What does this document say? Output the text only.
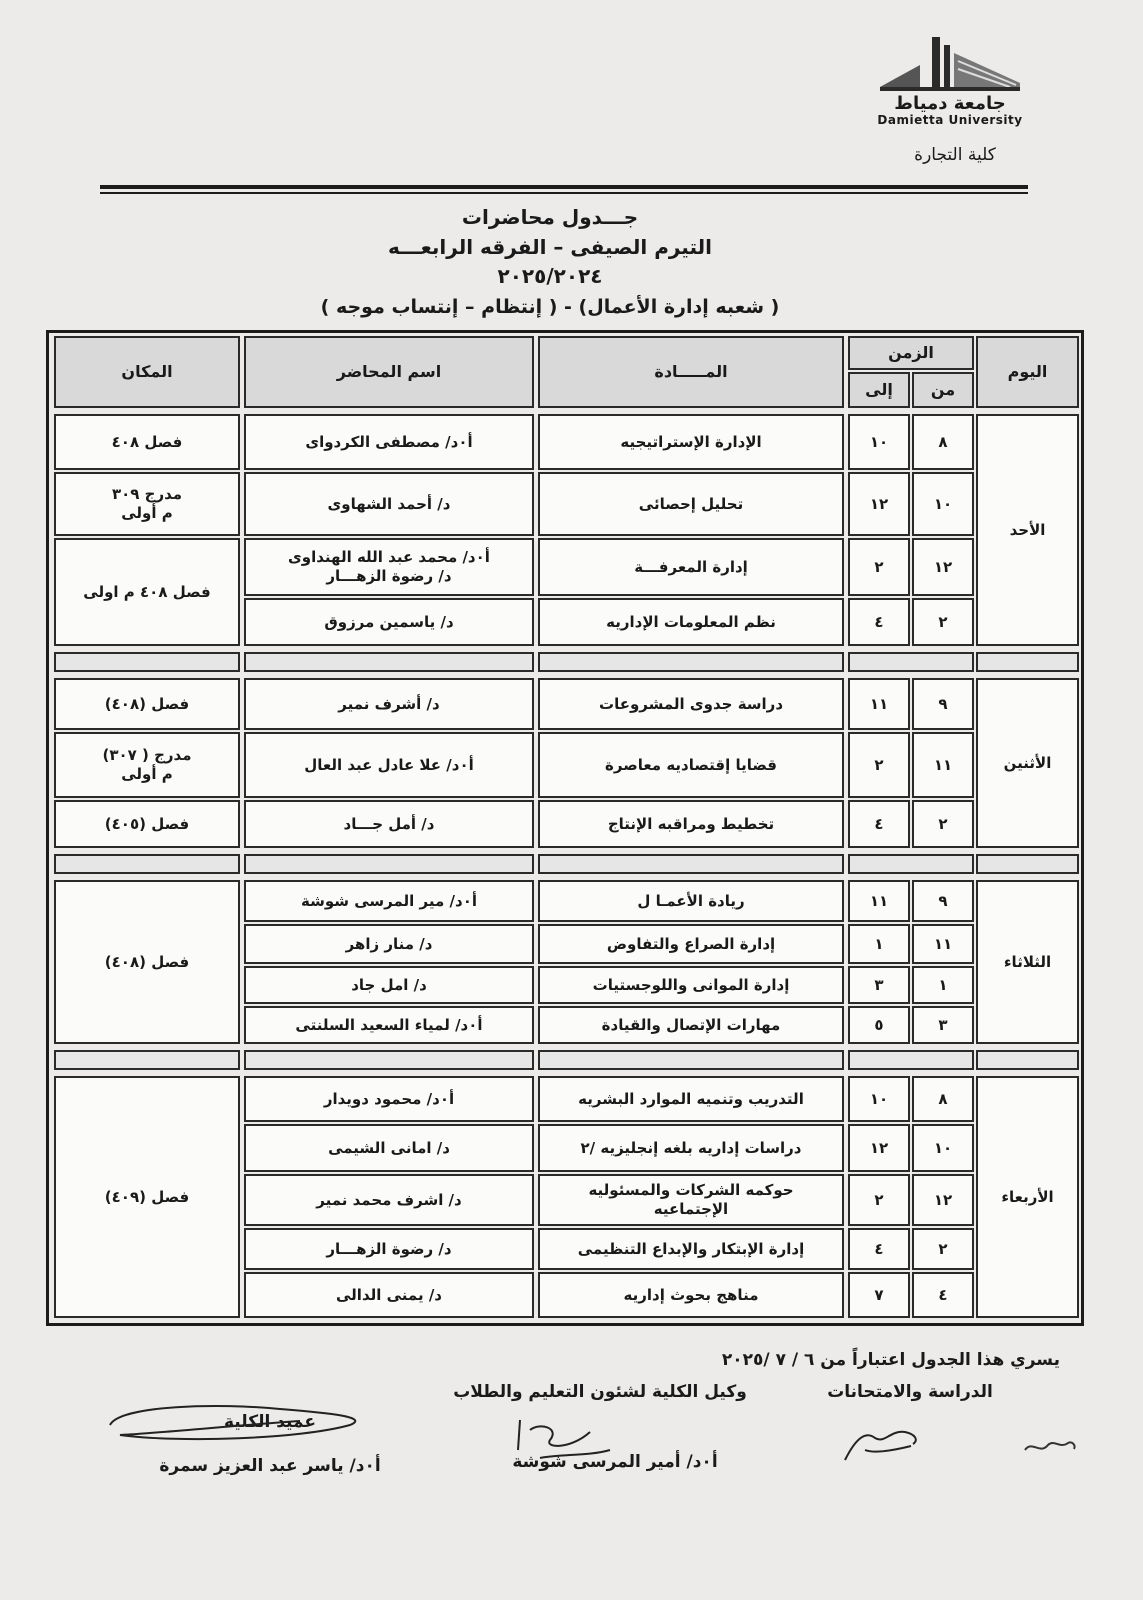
جامعة دمياط
Damietta University
كلية التجارة
جـــدول محاضرات
التيرم الصيفى – الفرقه الرابعـــه
٢٠٢٥/٢٠٢٤
( شعبه إدارة الأعمال) - ( إنتظام – إنتساب موجه )
اليوم
الزمن
من
إلى
المـــــادة
اسم المحاضر
المكان
الأحد
٨
١٠
الإدارة الإستراتيجيه
أ٠د/ مصطفى الكردواى
١٠
١٢
تحليل إحصائى
د/ أحمد الشهاوى
١٢
٢
إدارة المعرفـــة
أ٠د/ محمد عبد الله الهنداوى
د/ رضوة الزهـــار
٢
٤
نظم المعلومات الإداريه
د/ ياسمين مرزوق
فصل ٤٠٨
مدرج ٣٠٩
م أولى
فصل ٤٠٨ م اولى
الأثنين
٩
١١
دراسة جدوى المشروعات
د/ أشرف نمير
١١
٢
قضايا إقتصاديه معاصرة
أ٠د/ علا عادل عبد العال
٢
٤
تخطيط ومراقبه الإنتاج
د/ أمل جـــاد
فصل (٤٠٨)
مدرج ( ٣٠٧)
م أولى
فصل (٤٠٥)
الثلاثاء
٩
١١
ريادة الأعمـا ل
أ٠د/ مير المرسى شوشة
١١
١
إدارة الصراع والتفاوض
د/ منار زاهر
١
٣
إدارة الموانى واللوجستيات
د/ امل جاد
٣
٥
مهارات الإتصال والقيادة
أ٠د/ لمياء السعيد السلنتى
فصل (٤٠٨)
الأربعاء
٨
١٠
التدريب وتنميه الموارد البشريه
أ٠د/ محمود دويدار
١٠
١٢
دراسات إداريه بلغه إنجليزيه /٢
د/ امانى الشيمى
١٢
٢
حوكمه الشركات والمسئوليه
الإجتماعيه
د/ اشرف محمد نمير
٢
٤
إدارة الإبتكار والإبداع التنظيمى
د/ رضوة الزهـــار
٤
٧
مناهج بحوث إداريه
د/ يمنى الدالى
فصل (٤٠٩)
يسري هذا الجدول اعتباراً من ٦ / ٧ /٢٠٢٥
الدراسة والامتحانات
وكيل الكلية لشئون التعليم والطلاب
عميد الكلية
أ٠د/ أمير المرسى شوشة
أ٠د/ ياسر عبد العزيز سمرة
